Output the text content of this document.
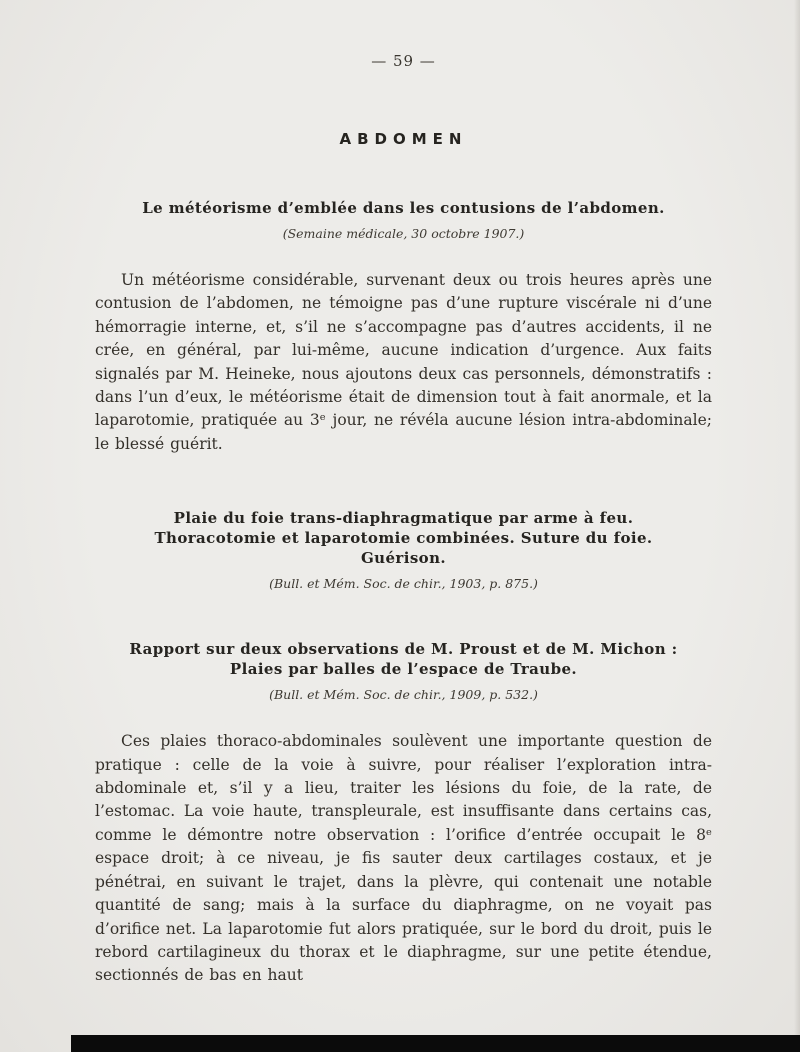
— 59 —
ABDOMEN
Le météorisme d’emblée dans les contusions de l’abdomen.
(Semaine médicale, 30 octobre 1907.)

Un météorisme considérable, survenant deux ou trois heures après une contusion de l’abdomen, ne témoigne pas d’une rupture viscérale ni d’une hémorragie interne, et, s’il ne s’accompagne pas d’autres accidents, il ne crée, en général, par lui-même, aucune indication d’urgence. Aux faits signalés par M. Heineke, nous ajoutons deux cas personnels, démonstratifs : dans l’un d’eux, le météorisme était de dimension tout à fait anormale, et la laparotomie, pratiquée au 3ᵉ jour, ne révéla aucune lésion intra-abdominale; le blessé guérit.

Plaie du foie trans-diaphragmatique par arme à feu.
Thoracotomie et laparotomie combinées. Suture du foie.
Guérison.
(Bull. et Mém. Soc. de chir., 1903, p. 875.)
Rapport sur deux observations de M. Proust et de M. Michon :
Plaies par balles de l’espace de Traube.
(Bull. et Mém. Soc. de chir., 1909, p. 532.)

Ces plaies thoraco-abdominales soulèvent une importante question de pratique : celle de la voie à suivre, pour réaliser l’exploration intra-abdominale et, s’il y a lieu, traiter les lésions du foie, de la rate, de l’estomac. La voie haute, transpleurale, est insuffisante dans certains cas, comme le démontre notre observation : l’orifice d’entrée occupait le 8ᵉ espace droit; à ce niveau, je fis sauter deux cartilages costaux, et je pénétrai, en suivant le trajet, dans la plèvre, qui contenait une notable quantité de sang; mais à la surface du diaphragme, on ne voyait pas d’orifice net. La laparotomie fut alors pratiquée, sur le bord du droit, puis le rebord cartilagineux du thorax et le diaphragme, sur une petite étendue, sectionnés de bas en haut
